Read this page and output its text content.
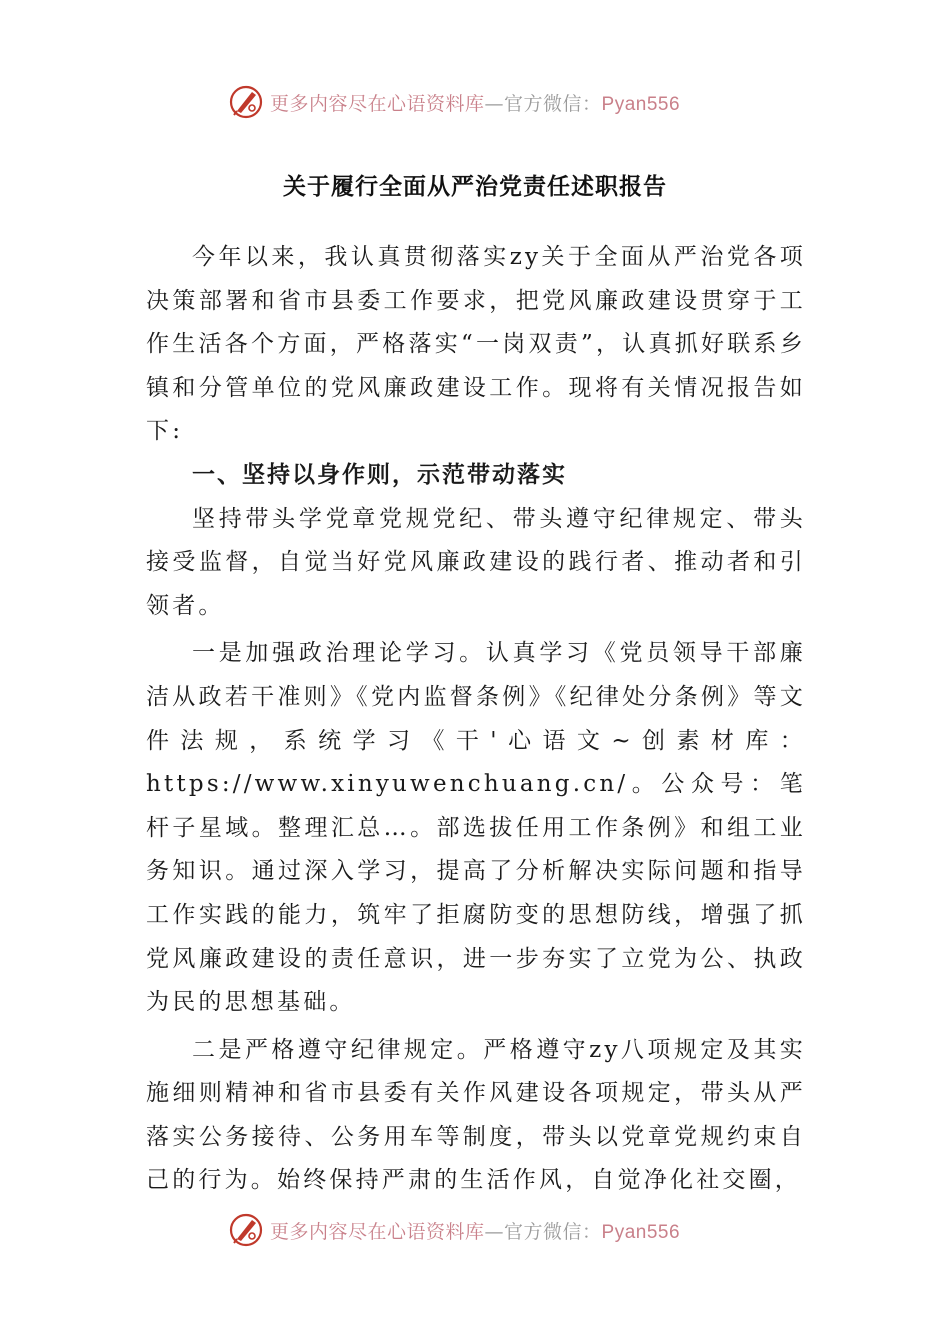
更多内容尽在心语资料库—官方微信：Pyan556
关于履行全面从严治党责任述职报告

今年以来，我认真贯彻落实zy关于全面从严治党各项决策部署和省市县委工作要求，把党风廉政建设贯穿于工作生活各个方面，严格落实“一岗双责”，认真抓好联系乡镇和分管单位的党风廉政建设工作。现将有关情况报告如下:

一、坚持以身作则，示范带动落实

坚持带头学党章党规党纪、带头遵守纪律规定、带头接受监督，自觉当好党风廉政建设的践行者、推动者和引领者。

一是加强政治理论学习。认真学习《党员领导干部廉洁从政若干准则》《党内监督条例》《纪律处分条例》等文件法规，系统学习《干'心语文~创素材库：https://www.xinyuwenchuang.cn/。公众号：笔杆子星域。整理汇总…。部选拔任用工作条例》和组工业务知识。通过深入学习，提高了分析解决实际问题和指导工作实践的能力，筑牢了拒腐防变的思想防线，增强了抓党风廉政建设的责任意识，进一步夯实了立党为公、执政为民的思想基础。

二是严格遵守纪律规定。严格遵守zy八项规定及其实施细则精神和省市县委有关作风建设各项规定，带头从严落实公务接待、公务用车等制度，带头以党章党规约束自己的行为。始终保持严肃的生活作风，自觉净化社交圈，

更多内容尽在心语资料库—官方微信：Pyan556
